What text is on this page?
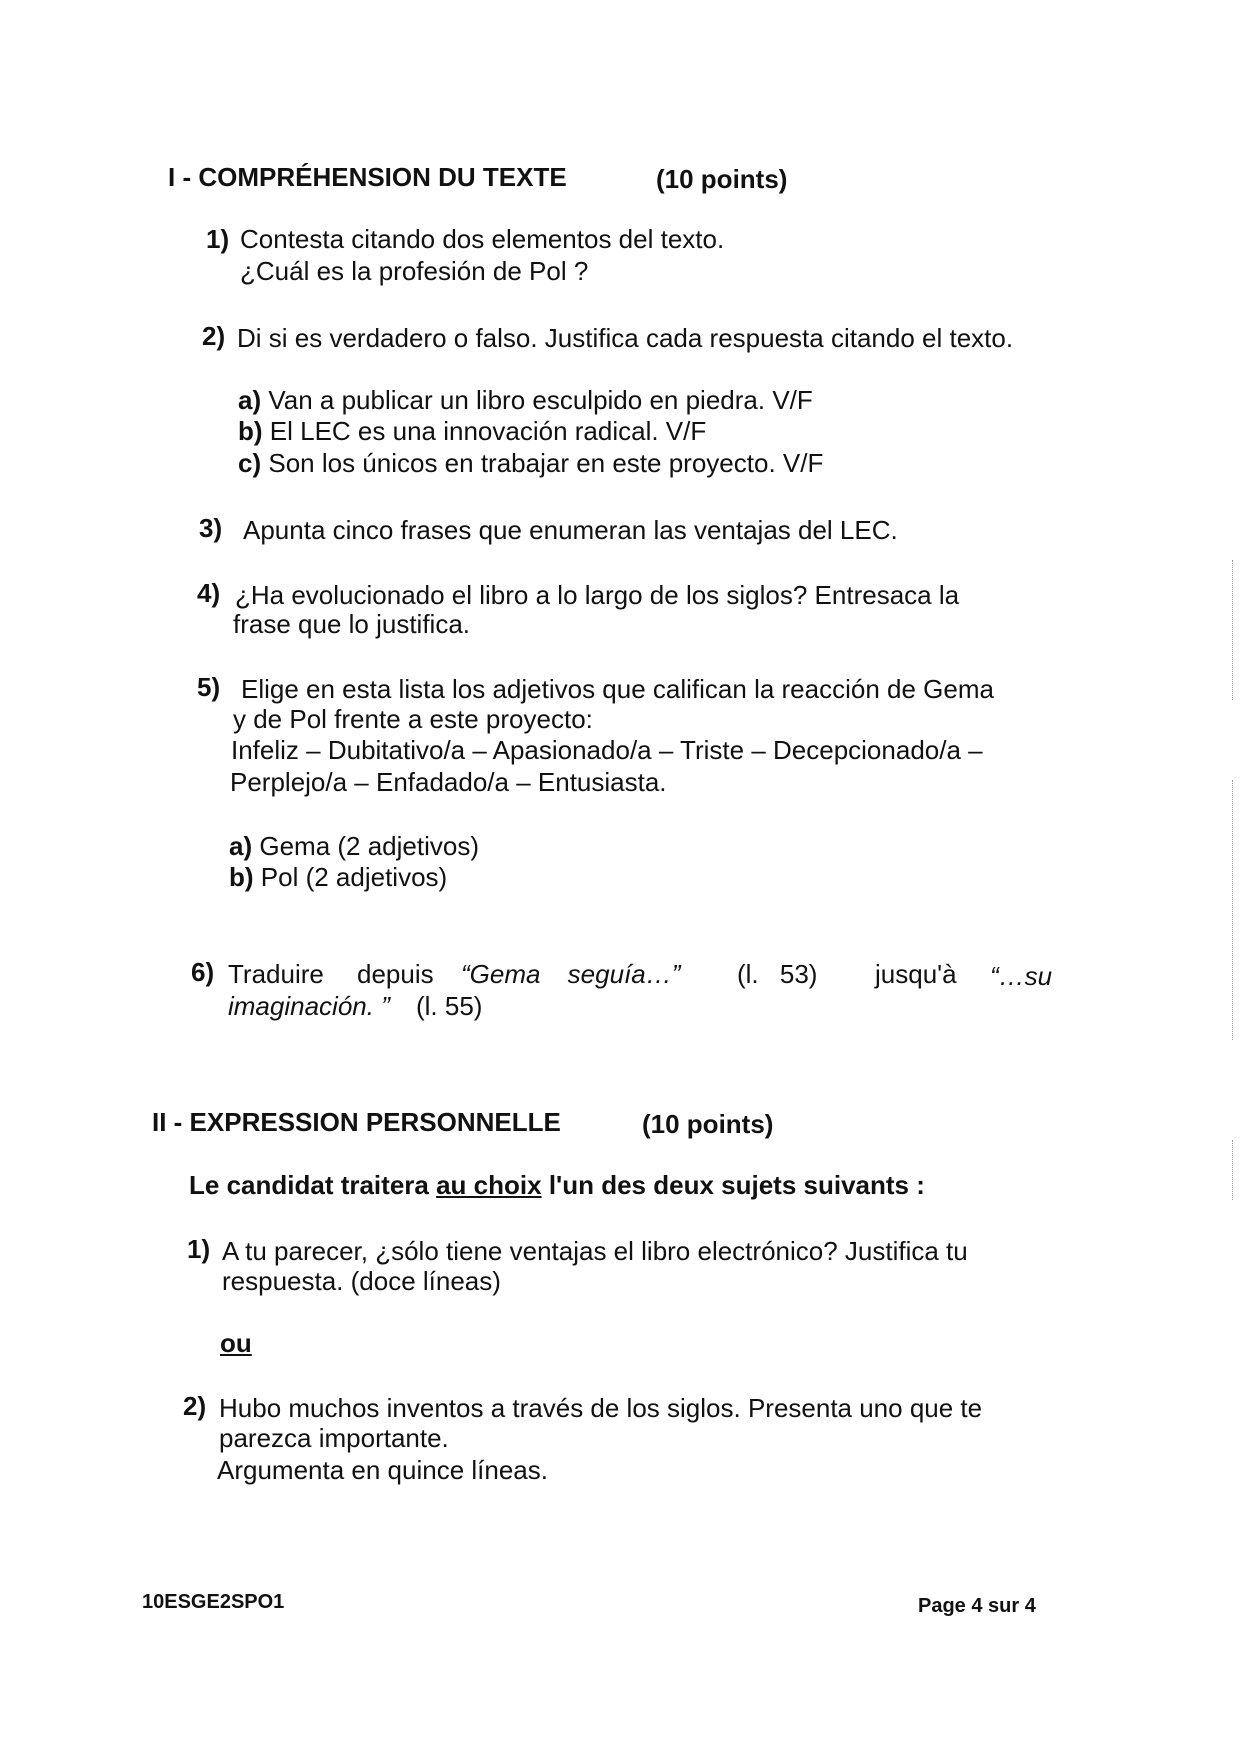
I - COMPRÉHENSION DU TEXTE	(10 points)
1) Contesta citando dos elementos del texto.
¿Cuál es la profesión de Pol ?
2) Di si es verdadero o falso. Justifica cada respuesta citando el texto.
a) Van a publicar un libro esculpido en piedra. V/F
b) El LEC es una innovación radical. V/F
c) Son los únicos en trabajar en este proyecto. V/F
3) Apunta cinco frases que enumeran las ventajas del LEC.
4) ¿Ha evolucionado el libro a lo largo de los siglos? Entresaca la
frase que lo justifica.
5) Elige en esta lista los adjetivos que califican la reacción de Gema
y de Pol frente a este proyecto:
Infeliz – Dubitativo/a – Apasionado/a – Triste – Decepcionado/a –
Perplejo/a – Enfadado/a – Entusiasta.
a) Gema (2 adjetivos)
b) Pol (2 adjetivos)
6) Traduire depuis “Gema seguía…” (l. 53) jusqu'à “…su
imaginación. ” (l. 55)
II - EXPRESSION PERSONNELLE	(10 points)
Le candidat traitera au choix l'un des deux sujets suivants :
1) A tu parecer, ¿sólo tiene ventajas el libro electrónico? Justifica tu
respuesta. (doce líneas)
ou
2) Hubo muchos inventos a través de los siglos. Presenta uno que te
parezca importante.
Argumenta en quince líneas.
10ESGE2SPO1	Page 4 sur 4
